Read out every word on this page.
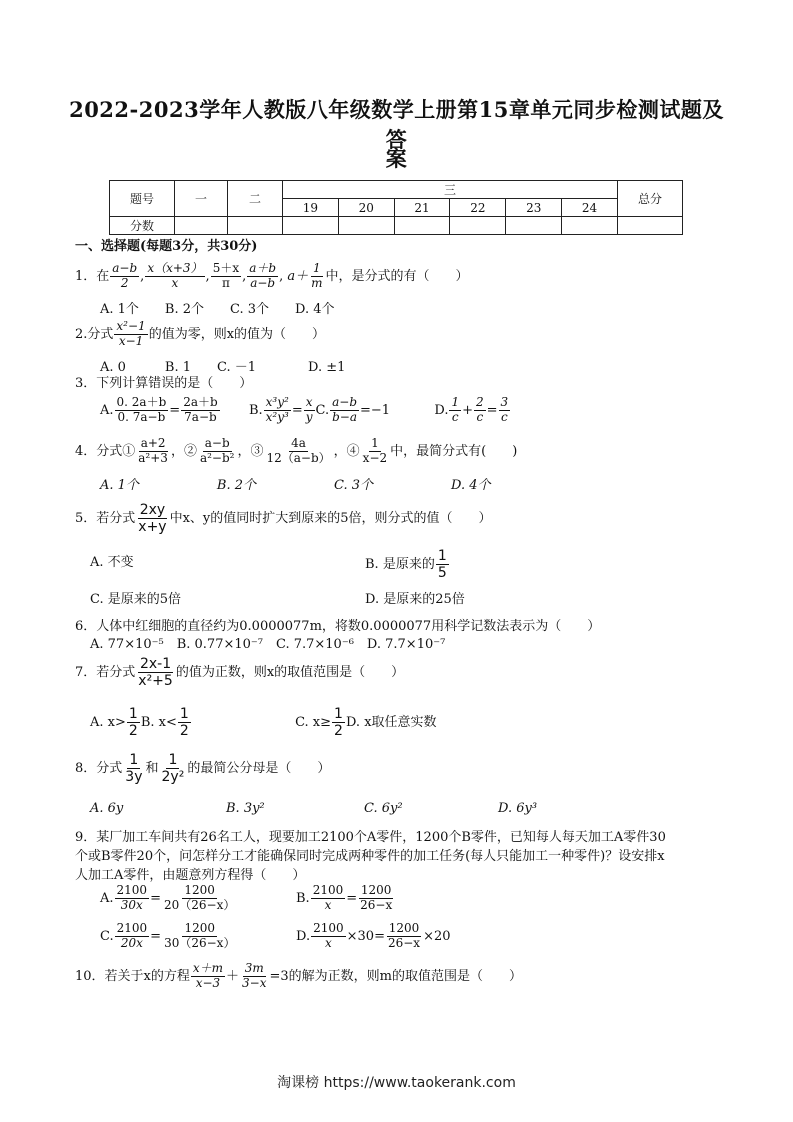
2022-2023学年人教版八年级数学上册第15章单元同步检测试题及答
案
题号	一	二	三						总分
			19	20	21	22	23	24	
分数									
一、选择题(每题3分，共30分)
1．在 $\frac{a-b}{2}$ , $\frac{x(x+3)}{x}$ , $\frac{5+x}{\pi}$ , $\frac{a+b}{a-b}$ , $a+ \frac{1}{m}$ 中，是分式的有（　　）
A. 1个　　B. 2个　　C. 3个　　D. 4个
2.分式 $\frac{\text{x²−1}}{x-1}$ 的值为零，则x的值为（　　）
A. 0　　　B. 1　　C. －1　　　　D. ±1
3．下列计算错误的是（　　）
A. $\frac{0. 2a+b}{0. 7a-b} = \frac{2a+b}{7a-b} B$. $\frac{\text{x³y²}}{\text{x²y³}} = \frac{x}{y} C$. $\frac{a-b}{b-a} =-1$	D. $\frac{1}{c} + \frac{2}{c} = \frac{3}{c}$
4．分式① $\frac{a+2}{\text{a²+3}}$ ，② $\frac{a-b}{\text{a²−b²}}$ ，③ $\frac{4a}{12(a-b)}$ ，④ $\frac{1}{x-2}$ 中，最简分式有(　　)
A. 1个　　　　　　B. 2个　　　　　　C. 3个　　　　　　D. 4个
5．若分式 $\frac{2xy}{x+y}$ 中x、y的值同时扩大到原来的5倍，则分式的值（　　）
A. 不变	B. 是原来的 $\frac{1}{5}$
C. 是原来的5倍	D. 是原来的25倍
6．人体中红细胞的直径约为0.0000077m，将数0.0000077用科学记数法表示为（　　）
A. 77×10⁻⁵　B. 0.77×10⁻⁷　C. 7.7×10⁻⁶　D. 7.7×10⁻⁷
7．若分式 $\frac{2x-1}{\text{x²+5}}$ 的值为正数，则x的取值范围是（　　）
A. $x> \frac{1}{2} B$. $x< \frac{1}{2}$	C. $x\ge \frac{1}{2} D$. x取任意实数
8．分式 $\frac{1}{3y}$ 和 $\frac{1}{\text{2y²}}$ 的最简公分母是（　　）
A. 6y	B. 3y²	C. 6y²	D. 6y³
9．某厂加工车间共有26名工人，现要加工2100个A零件，1200个B零件，已知每人每天加工A零件30
个或B零件20个，问怎样分工才能确保同时完成两种零件的加工任务(每人只能加工一种零件)？设安排x
人加工A零件，由题意列方程得（　　）
A. $\frac{2100}{30x} = \frac{1200}{20(26-x)}$	B. $\frac{2100}{x} = \frac{1200}{26-x}$
C. $\frac{2100}{20x} = \frac{1200}{30(26-x)}$	D. $\frac{2100}{x} \times 30= \frac{1200}{26-x} \times 20$
10．若关于x的方程 $\frac{x+m}{x-3} + \frac{3m}{3-x} =3$的解为正数，则m的取值范围是（　　）
淘课榜 https://www.taokerank.com
